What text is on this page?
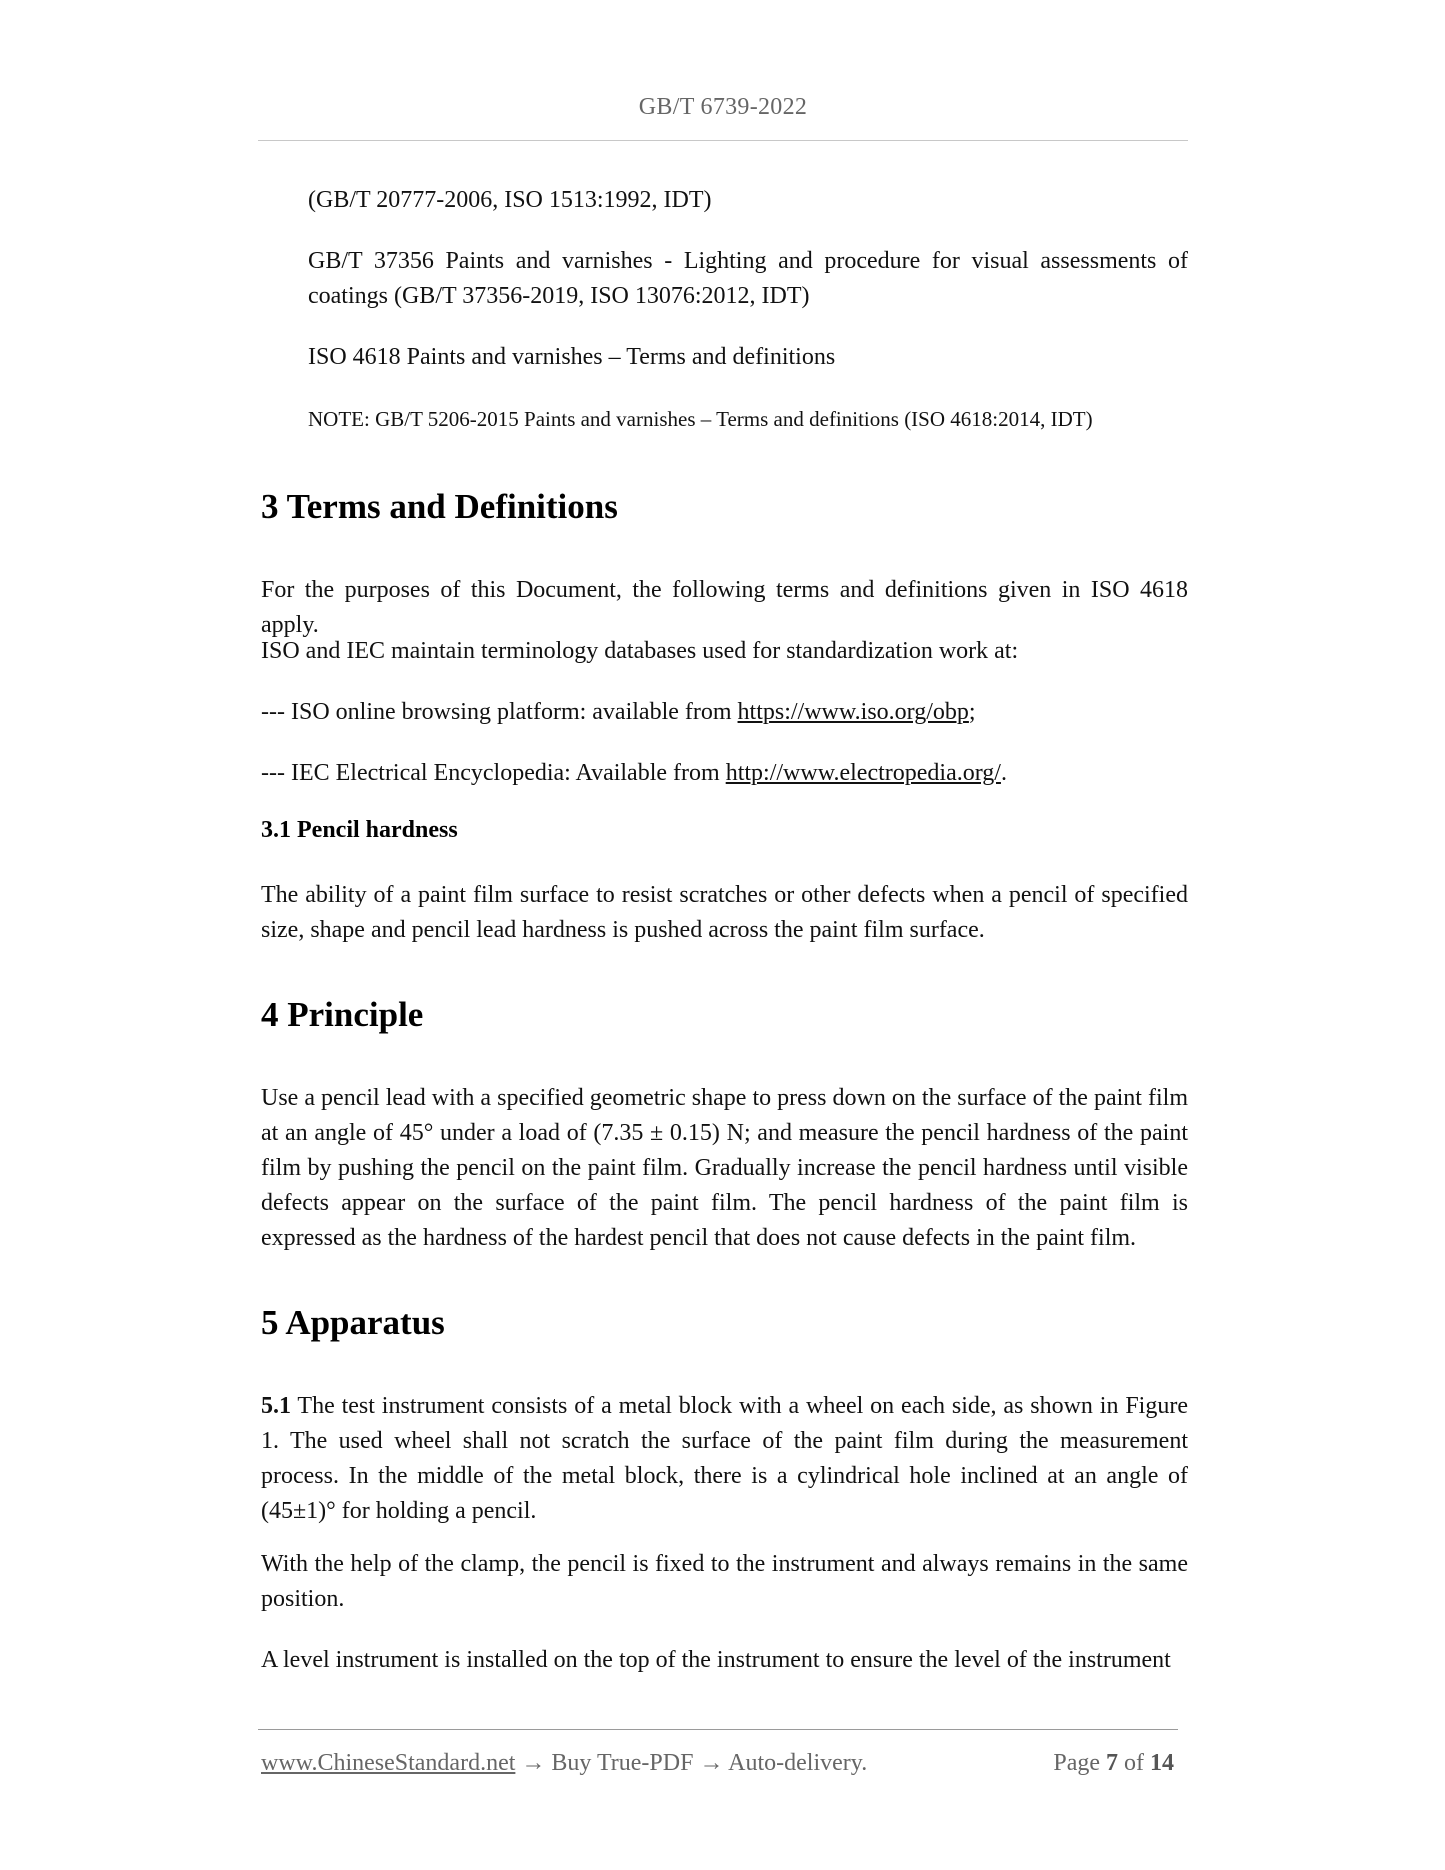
GB/T 6739-2022
(GB/T 20777-2006, ISO 1513:1992, IDT)
GB/T 37356 Paints and varnishes - Lighting and procedure for visual assessments of coatings (GB/T 37356-2019, ISO 13076:2012, IDT)
ISO 4618 Paints and varnishes – Terms and definitions
NOTE: GB/T 5206-2015 Paints and varnishes – Terms and definitions (ISO 4618:2014, IDT)
3 Terms and Definitions
For the purposes of this Document, the following terms and definitions given in ISO 4618 apply.
ISO and IEC maintain terminology databases used for standardization work at:
--- ISO online browsing platform: available from https://www.iso.org/obp;
--- IEC Electrical Encyclopedia: Available from http://www.electropedia.org/.
3.1 Pencil hardness
The ability of a paint film surface to resist scratches or other defects when a pencil of specified size, shape and pencil lead hardness is pushed across the paint film surface.
4 Principle
Use a pencil lead with a specified geometric shape to press down on the surface of the paint film at an angle of 45° under a load of (7.35 ± 0.15) N; and measure the pencil hardness of the paint film by pushing the pencil on the paint film. Gradually increase the pencil hardness until visible defects appear on the surface of the paint film. The pencil hardness of the paint film is expressed as the hardness of the hardest pencil that does not cause defects in the paint film.
5 Apparatus
5.1 The test instrument consists of a metal block with a wheel on each side, as shown in Figure 1. The used wheel shall not scratch the surface of the paint film during the measurement process. In the middle of the metal block, there is a cylindrical hole inclined at an angle of (45±1)° for holding a pencil.
With the help of the clamp, the pencil is fixed to the instrument and always remains in the same position.
A level instrument is installed on the top of the instrument to ensure the level of the instrument
www.ChineseStandard.net → Buy True-PDF → Auto-delivery.	Page 7 of 14
